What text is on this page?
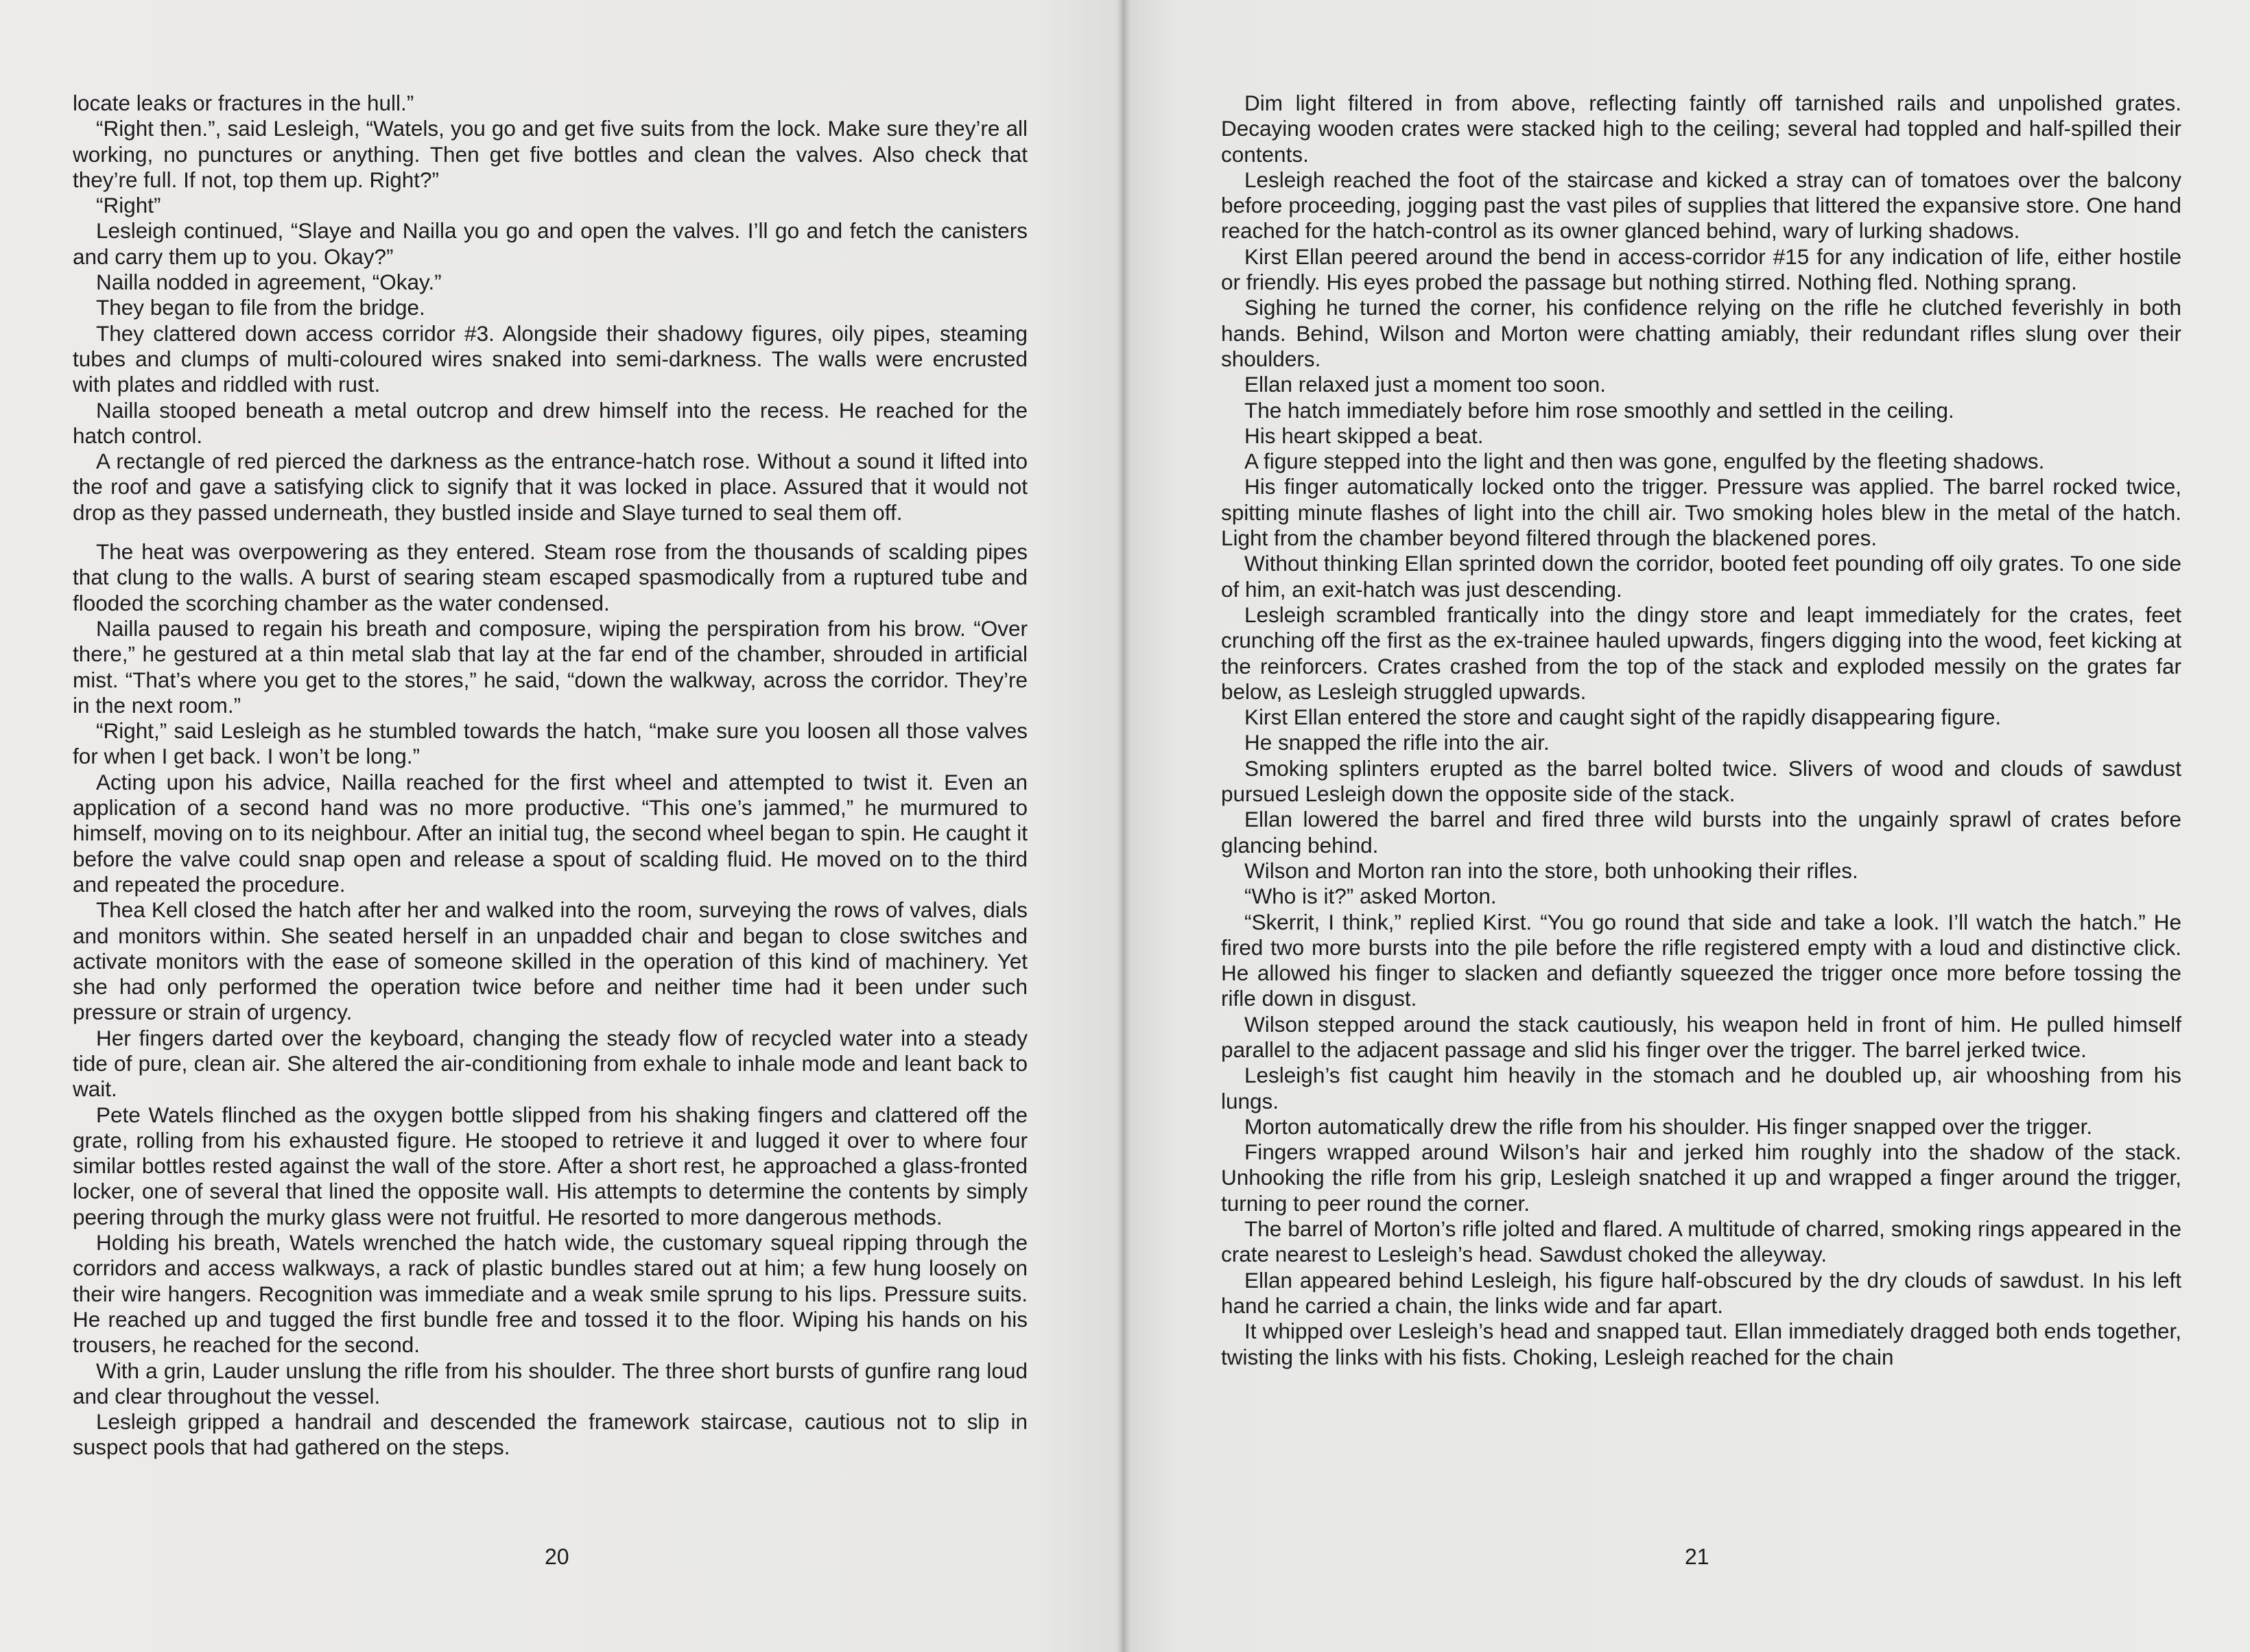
locate leaks or fractures in the hull.”

“Right then.”, said Lesleigh, “Watels, you go and get five suits from the lock. Make sure they’re all working, no punctures or anything. Then get five bottles and clean the valves. Also check that they’re full. If not, top them up. Right?”

“Right”

Lesleigh continued, “Slaye and Nailla you go and open the valves. I’ll go and fetch the canisters and carry them up to you. Okay?”

Nailla nodded in agreement, “Okay.”

They began to file from the bridge.

They clattered down access corridor #3. Alongside their shadowy figures, oily pipes, steaming tubes and clumps of multi-coloured wires snaked into semi-darkness. The walls were encrusted with plates and riddled with rust.

Nailla stooped beneath a metal outcrop and drew himself into the recess. He reached for the hatch control.

A rectangle of red pierced the darkness as the entrance-hatch rose. Without a sound it lifted into the roof and gave a satisfying click to signify that it was locked in place. Assured that it would not drop as they passed underneath, they bustled inside and Slaye turned to seal them off.

The heat was overpowering as they entered. Steam rose from the thousands of scalding pipes that clung to the walls. A burst of searing steam escaped spasmodically from a ruptured tube and flooded the scorching chamber as the water condensed.

Nailla paused to regain his breath and composure, wiping the perspiration from his brow. “Over there,” he gestured at a thin metal slab that lay at the far end of the chamber, shrouded in artificial mist. “That’s where you get to the stores,” he said, “down the walkway, across the corridor. They’re in the next room.”

“Right,” said Lesleigh as he stumbled towards the hatch, “make sure you loosen all those valves for when I get back. I won’t be long.”

Acting upon his advice, Nailla reached for the first wheel and attempted to twist it. Even an application of a second hand was no more productive. “This one’s jammed,” he murmured to himself, moving on to its neighbour. After an initial tug, the second wheel began to spin. He caught it before the valve could snap open and release a spout of scalding fluid. He moved on to the third and repeated the procedure.

Thea Kell closed the hatch after her and walked into the room, surveying the rows of valves, dials and monitors within. She seated herself in an unpadded chair and began to close switches and activate monitors with the ease of someone skilled in the operation of this kind of machinery. Yet she had only performed the operation twice before and neither time had it been under such pressure or strain of urgency.

Her fingers darted over the keyboard, changing the steady flow of recycled water into a steady tide of pure, clean air. She altered the air-conditioning from exhale to inhale mode and leant back to wait.

Pete Watels flinched as the oxygen bottle slipped from his shaking fingers and clattered off the grate, rolling from his exhausted figure. He stooped to retrieve it and lugged it over to where four similar bottles rested against the wall of the store. After a short rest, he approached a glass-fronted locker, one of several that lined the opposite wall. His attempts to determine the contents by simply peering through the murky glass were not fruitful. He resorted to more dangerous methods.

Holding his breath, Watels wrenched the hatch wide, the customary squeal ripping through the corridors and access walkways, a rack of plastic bundles stared out at him; a few hung loosely on their wire hangers. Recognition was immediate and a weak smile sprung to his lips. Pressure suits. He reached up and tugged the first bundle free and tossed it to the floor. Wiping his hands on his trousers, he reached for the second.

With a grin, Lauder unslung the rifle from his shoulder. The three short bursts of gunfire rang loud and clear throughout the vessel.

Lesleigh gripped a handrail and descended the framework staircase, cautious not to slip in suspect pools that had gathered on the steps.

20

Dim light filtered in from above, reflecting faintly off tarnished rails and unpolished grates. Decaying wooden crates were stacked high to the ceiling; several had toppled and half-spilled their contents.

Lesleigh reached the foot of the staircase and kicked a stray can of tomatoes over the balcony before proceeding, jogging past the vast piles of supplies that littered the expansive store. One hand reached for the hatch-control as its owner glanced behind, wary of lurking shadows.

Kirst Ellan peered around the bend in access-corridor #15 for any indication of life, either hostile or friendly. His eyes probed the passage but nothing stirred. Nothing fled. Nothing sprang.

Sighing he turned the corner, his confidence relying on the rifle he clutched feverishly in both hands. Behind, Wilson and Morton were chatting amiably, their redundant rifles slung over their shoulders.

Ellan relaxed just a moment too soon.

The hatch immediately before him rose smoothly and settled in the ceiling.

His heart skipped a beat.

A figure stepped into the light and then was gone, engulfed by the fleeting shadows.

His finger automatically locked onto the trigger. Pressure was applied. The barrel rocked twice, spitting minute flashes of light into the chill air. Two smoking holes blew in the metal of the hatch. Light from the chamber beyond filtered through the blackened pores.

Without thinking Ellan sprinted down the corridor, booted feet pounding off oily grates. To one side of him, an exit-hatch was just descending.

Lesleigh scrambled frantically into the dingy store and leapt immediately for the crates, feet crunching off the first as the ex-trainee hauled upwards, fingers digging into the wood, feet kicking at the reinforcers. Crates crashed from the top of the stack and exploded messily on the grates far below, as Lesleigh struggled upwards.

Kirst Ellan entered the store and caught sight of the rapidly disappearing figure.

He snapped the rifle into the air.

Smoking splinters erupted as the barrel bolted twice. Slivers of wood and clouds of sawdust pursued Lesleigh down the opposite side of the stack.

Ellan lowered the barrel and fired three wild bursts into the ungainly sprawl of crates before glancing behind.

Wilson and Morton ran into the store, both unhooking their rifles.

“Who is it?” asked Morton.

“Skerrit, I think,” replied Kirst. “You go round that side and take a look. I’ll watch the hatch.” He fired two more bursts into the pile before the rifle registered empty with a loud and distinctive click. He allowed his finger to slacken and defiantly squeezed the trigger once more before tossing the rifle down in disgust.

Wilson stepped around the stack cautiously, his weapon held in front of him. He pulled himself parallel to the adjacent passage and slid his finger over the trigger. The barrel jerked twice.

Lesleigh’s fist caught him heavily in the stomach and he doubled up, air whooshing from his lungs.

Morton automatically drew the rifle from his shoulder. His finger snapped over the trigger.

Fingers wrapped around Wilson’s hair and jerked him roughly into the shadow of the stack. Unhooking the rifle from his grip, Lesleigh snatched it up and wrapped a finger around the trigger, turning to peer round the corner.

The barrel of Morton’s rifle jolted and flared. A multitude of charred, smoking rings appeared in the crate nearest to Lesleigh’s head. Sawdust choked the alleyway.

Ellan appeared behind Lesleigh, his figure half-obscured by the dry clouds of sawdust. In his left hand he carried a chain, the links wide and far apart.

It whipped over Lesleigh’s head and snapped taut. Ellan immediately dragged both ends together, twisting the links with his fists. Choking, Lesleigh reached for the chain

21
